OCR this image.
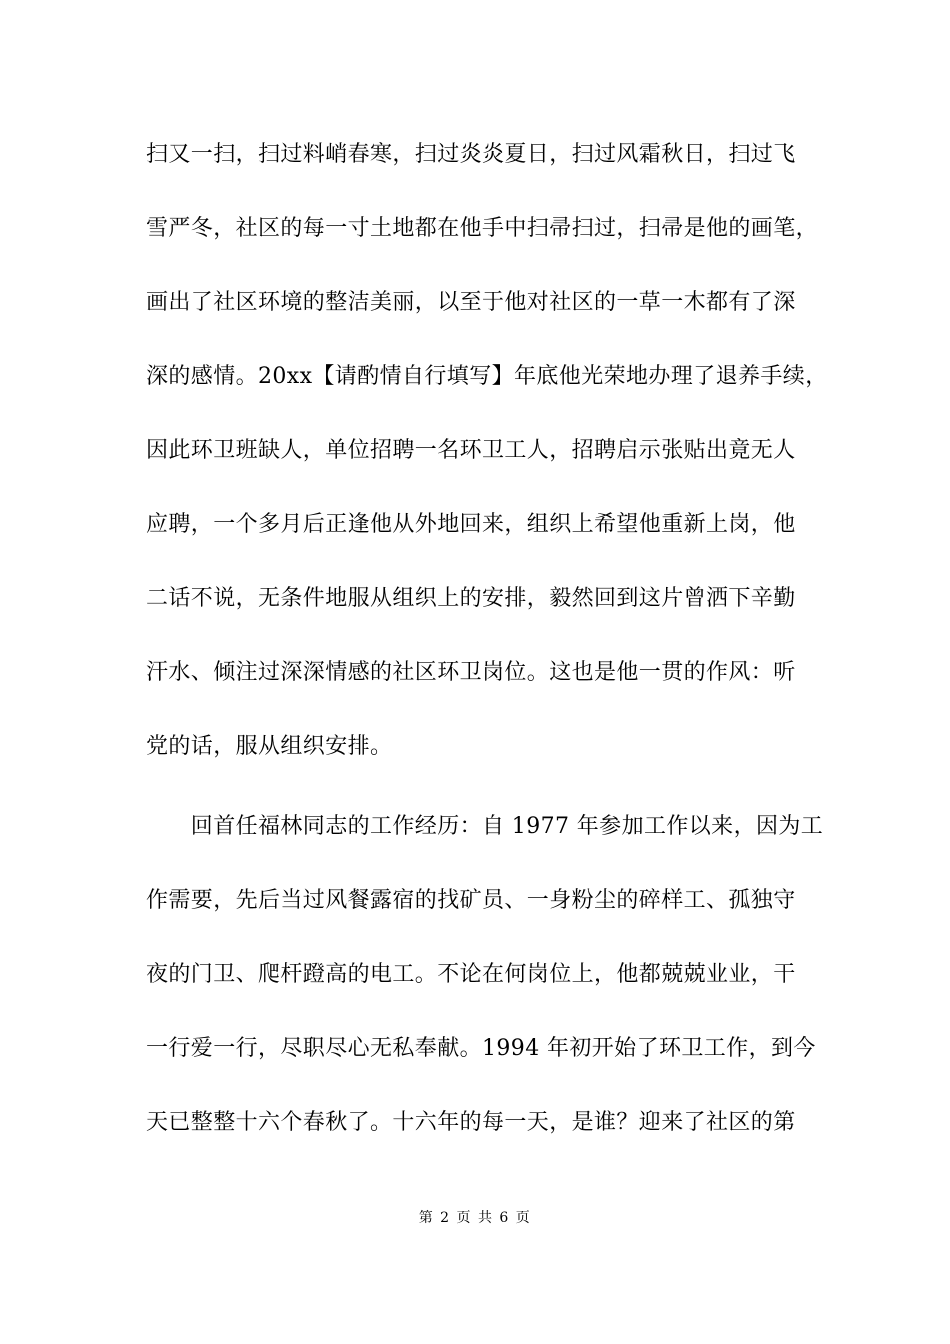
扫又一扫，扫过料峭春寒，扫过炎炎夏日，扫过风霜秋日，扫过飞
雪严冬，社区的每一寸土地都在他手中扫帚扫过，扫帚是他的画笔，
画出了社区环境的整洁美丽，以至于他对社区的一草一木都有了深
深的感情。20xx【请酌情自行填写】年底他光荣地办理了退养手续，
因此环卫班缺人，单位招聘一名环卫工人，招聘启示张贴出竟无人
应聘，一个多月后正逢他从外地回来，组织上希望他重新上岗，他
二话不说，无条件地服从组织上的安排，毅然回到这片曾洒下辛勤
汗水、倾注过深深情感的社区环卫岗位。这也是他一贯的作风：听
党的话，服从组织安排。
　　回首任福林同志的工作经历：自 1977 年参加工作以来，因为工
作需要，先后当过风餐露宿的找矿员、一身粉尘的碎样工、孤独守
夜的门卫、爬杆蹬高的电工。不论在何岗位上，他都兢兢业业，干
一行爱一行，尽职尽心无私奉献。1994 年初开始了环卫工作，到今
天已整整十六个春秋了。十六年的每一天，是谁？迎来了社区的第
第 2 页 共 6 页
